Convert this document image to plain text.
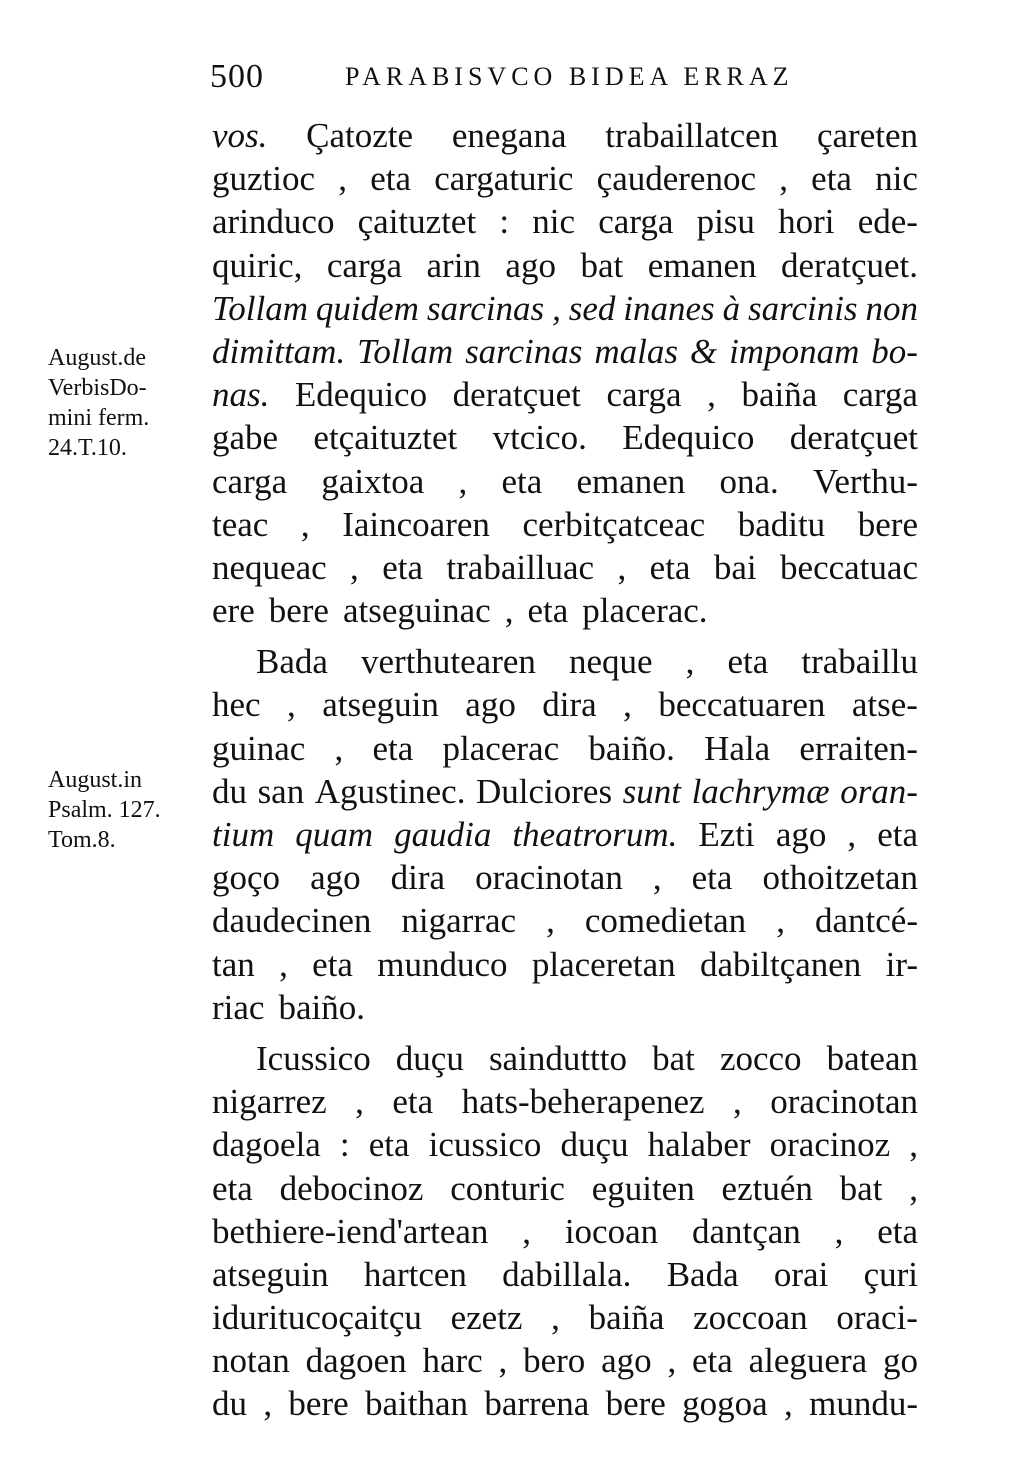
500	PARABISVCO BIDEA ERRAZ
August.de
VerbisDo-
mini ferm.
24.T.10.
August.in
Psalm. 127.
Tom.8.
vos. Çatozte enegana trabaillatcen çareten
guztioc , eta cargaturic çauderenoc , eta nic
arinduco çaituztet : nic carga pisu hori ede-
quiric, carga arin ago bat emanen deratçuet.
Tollam quidem sarcinas , sed inanes à sarcinis non
dimittam. Tollam sarcinas malas & imponam bo-
nas. Edequico deratçuet carga , baiña carga
gabe etçaituztet vtcico. Edequico deratçuet
carga gaixtoa , eta emanen ona. Verthu-
teac , Iaincoaren cerbitçatceac baditu bere
nequeac , eta trabailluac , eta bai beccatuac
ere bere atseguinac , eta placerac.
Bada verthutearen neque , eta trabaillu
hec , atseguin ago dira , beccatuaren atse-
guinac , eta placerac baiño. Hala erraiten-
du san Agustinec. Dulciores sunt lachrymæ oran-
tium quam gaudia theatrorum. Ezti ago , eta
goço ago dira oracinotan , eta othoitzetan
daudecinen nigarrac , comedietan , dantcé-
tan , eta munduco placeretan dabiltçanen ir-
riac baiño.
Icussico duçu sainduttto bat zocco batean
nigarrez , eta hats-beherapenez , oracinotan
dagoela : eta icussico duçu halaber oracinoz ,
eta debocinoz conturic eguiten eztuén bat ,
bethiere-iend'artean , iocoan dantçan , eta
atseguin hartcen dabillala. Bada orai çuri
iduritucoçaitçu ezetz , baiña zoccoan oraci-
notan dagoen harc , bero ago , eta aleguera go
du , bere baithan barrena bere gogoa , mundu-
